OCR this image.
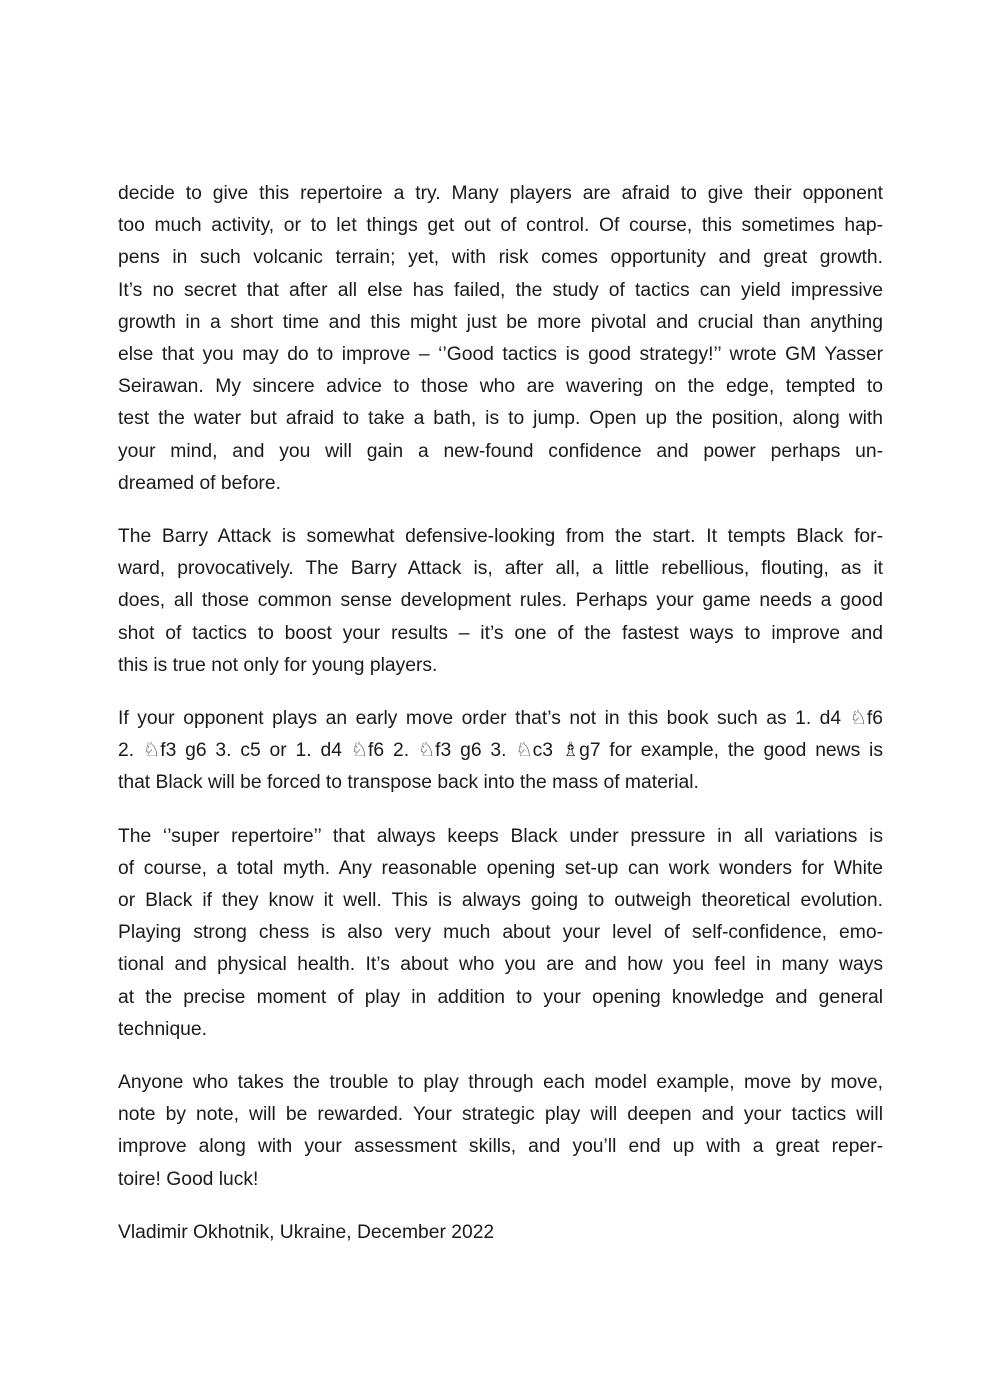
decide to give this repertoire a try. Many players are afraid to give their opponent
too much activity, or to let things get out of control. Of course, this sometimes hap-
pens in such volcanic terrain; yet, with risk comes opportunity and great growth.
It’s no secret that after all else has failed, the study of tactics can yield impressive
growth in a short time and this might just be more pivotal and crucial than anything
else that you may do to improve – ‘’Good tactics is good strategy!’’ wrote GM Yasser
Seirawan. My sincere advice to those who are wavering on the edge, tempted to
test the water but afraid to take a bath, is to jump. Open up the position, along with
your mind, and you will gain a new-found confidence and power perhaps un-
dreamed of before.

The Barry Attack is somewhat defensive-looking from the start. It tempts Black for-
ward, provocatively. The Barry Attack is, after all, a little rebellious, flouting, as it
does, all those common sense development rules. Perhaps your game needs a good
shot of tactics to boost your results – it’s one of the fastest ways to improve and
this is true not only for young players.

If your opponent plays an early move order that’s not in this book such as 1. d4 ♘f6
2. ♘f3 g6 3. c5 or 1. d4 ♘f6 2. ♘f3 g6 3. ♘c3 ♗g7 for example, the good news is
that Black will be forced to transpose back into the mass of material.

The ‘’super repertoire’’ that always keeps Black under pressure in all variations is
of course, a total myth. Any reasonable opening set-up can work wonders for White
or Black if they know it well. This is always going to outweigh theoretical evolution.
Playing strong chess is also very much about your level of self-confidence, emo-
tional and physical health. It’s about who you are and how you feel in many ways
at the precise moment of play in addition to your opening knowledge and general
technique.

Anyone who takes the trouble to play through each model example, move by move,
note by note, will be rewarded. Your strategic play will deepen and your tactics will
improve along with your assessment skills, and you’ll end up with a great reper-
toire! Good luck!

Vladimir Okhotnik, Ukraine, December 2022
